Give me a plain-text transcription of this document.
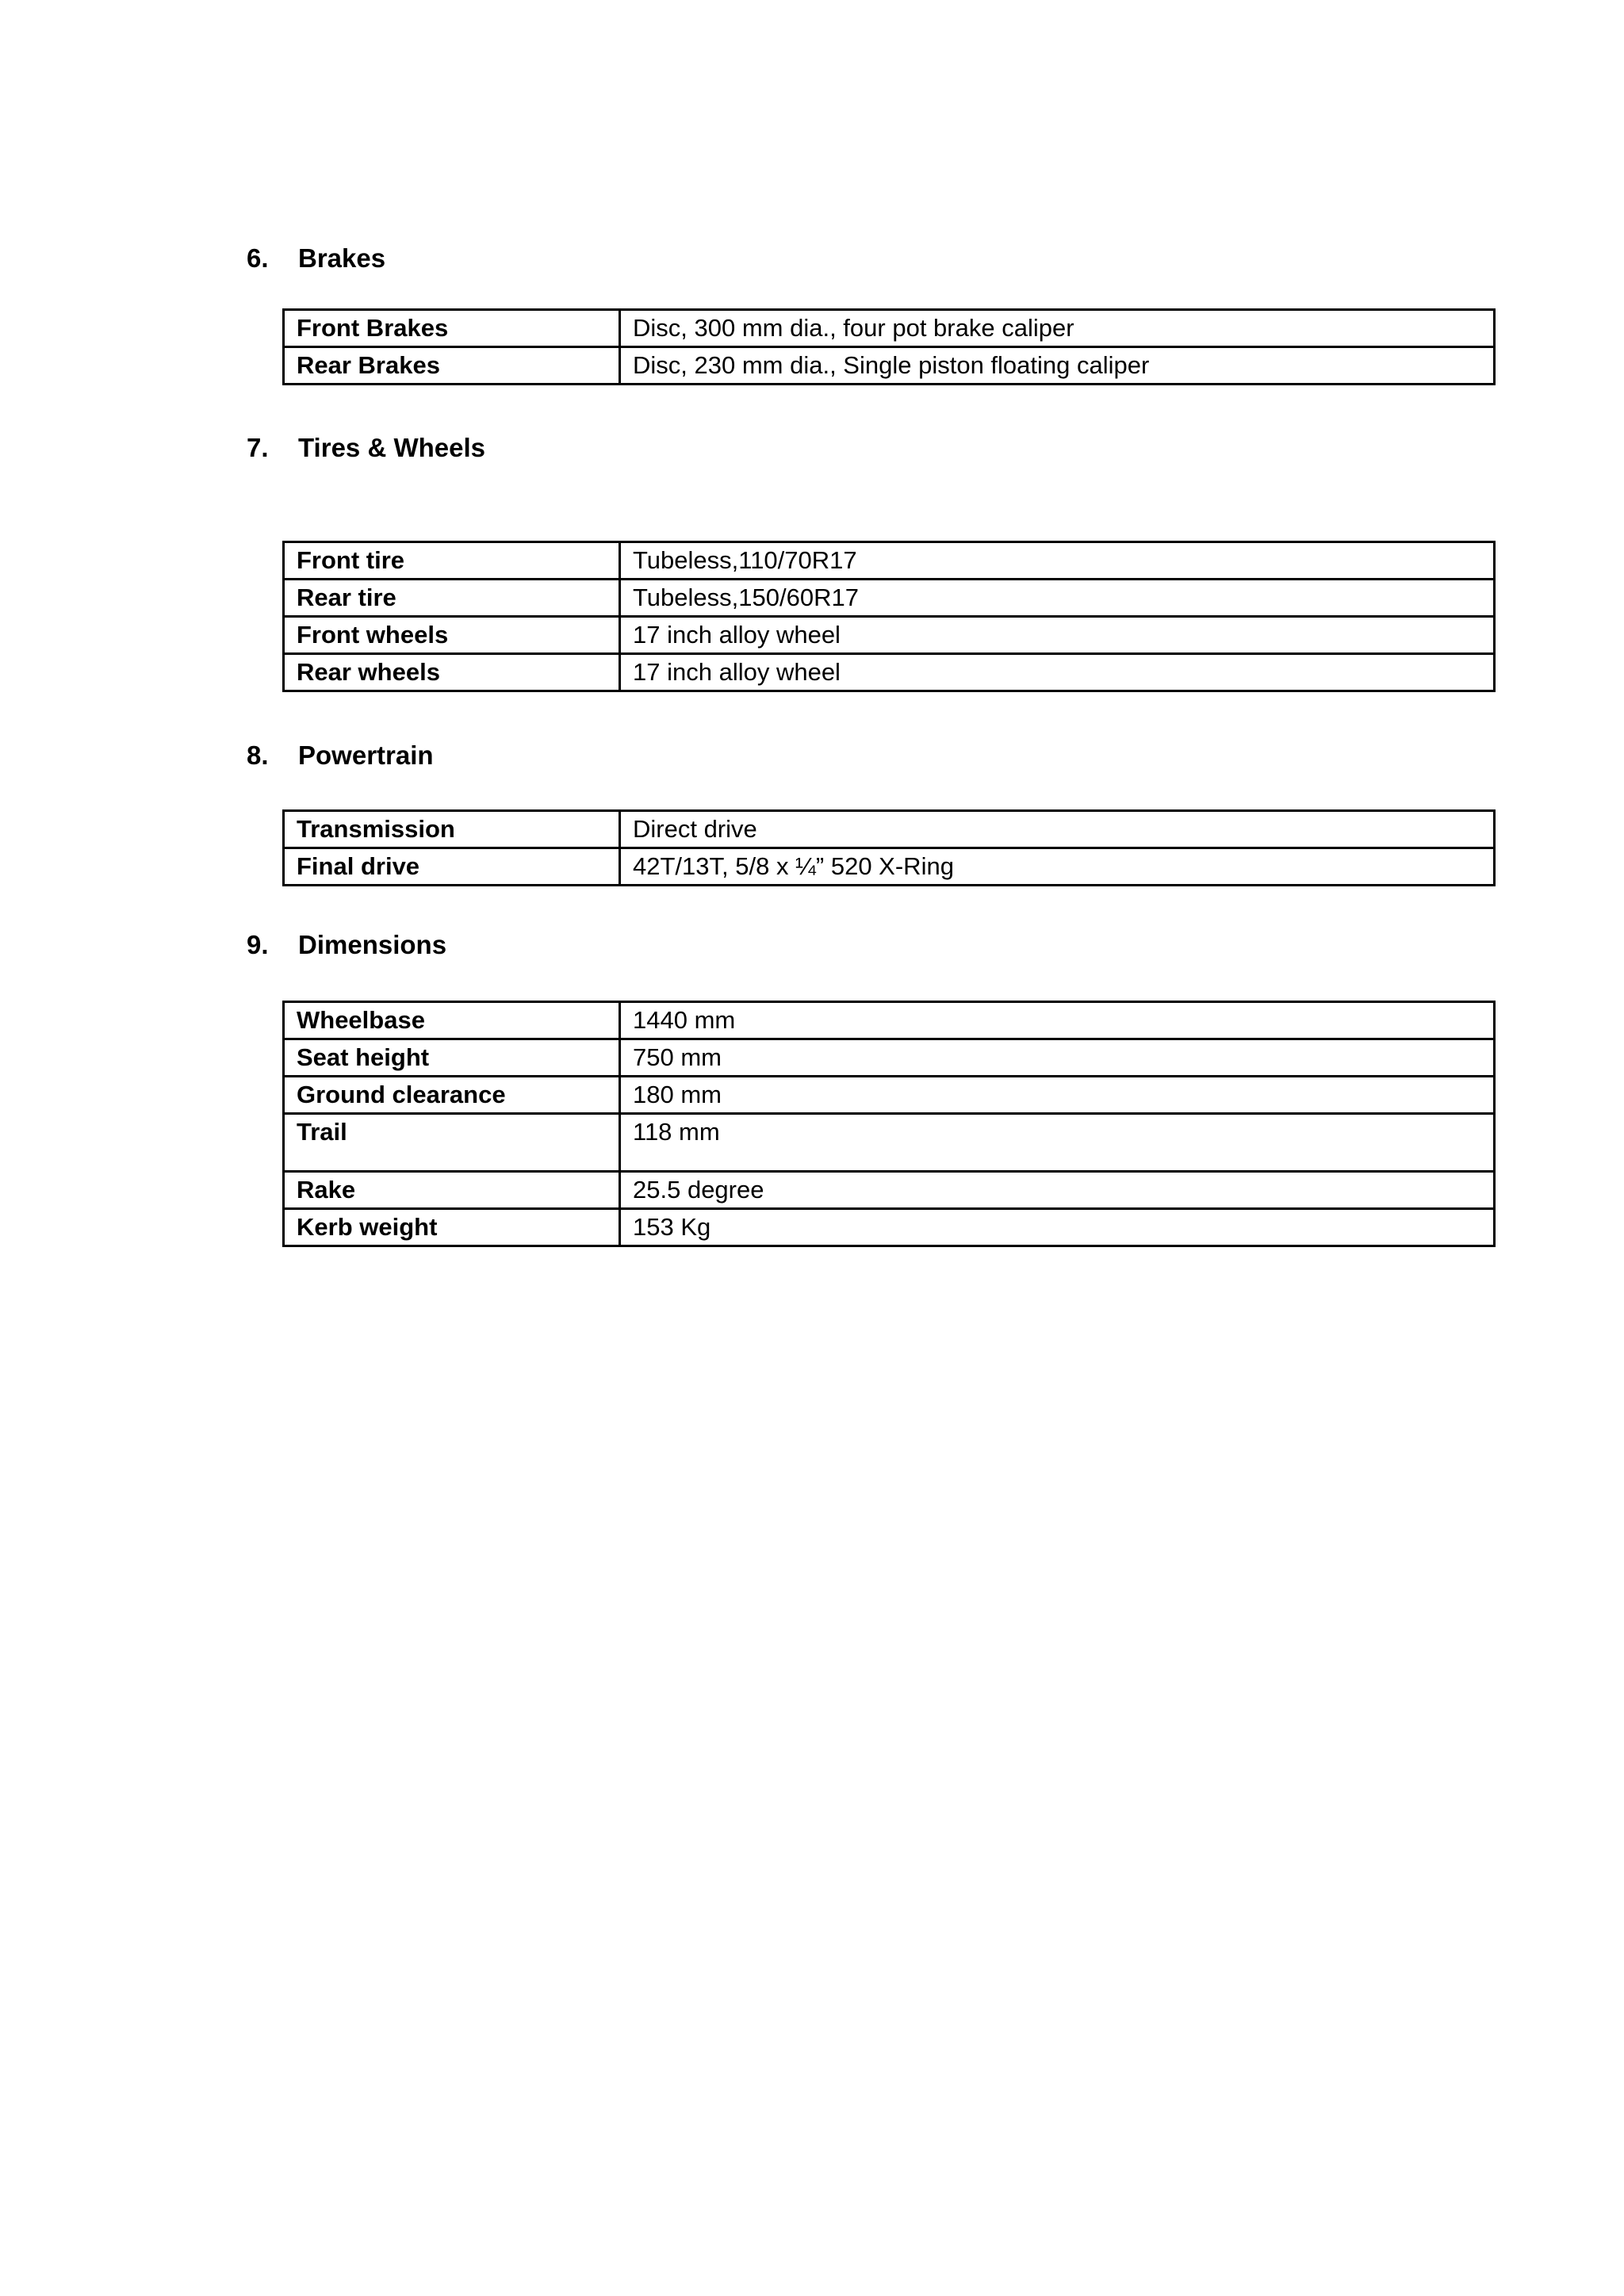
6. Brakes
Front Brakes	Disc, 300 mm dia., four pot brake caliper
Rear Brakes	Disc, 230 mm dia., Single piston floating caliper
7. Tires & Wheels
Front tire	Tubeless,110/70R17
Rear tire	Tubeless,150/60R17
Front wheels	17 inch alloy wheel
Rear wheels	17 inch alloy wheel
8. Powertrain
Transmission	Direct drive
Final drive	42T/13T, 5/8 x ¼” 520 X-Ring
9. Dimensions
Wheelbase	1440 mm
Seat height	750 mm
Ground clearance	180 mm
Trail	118 mm
Rake	25.5 degree
Kerb weight	153 Kg
